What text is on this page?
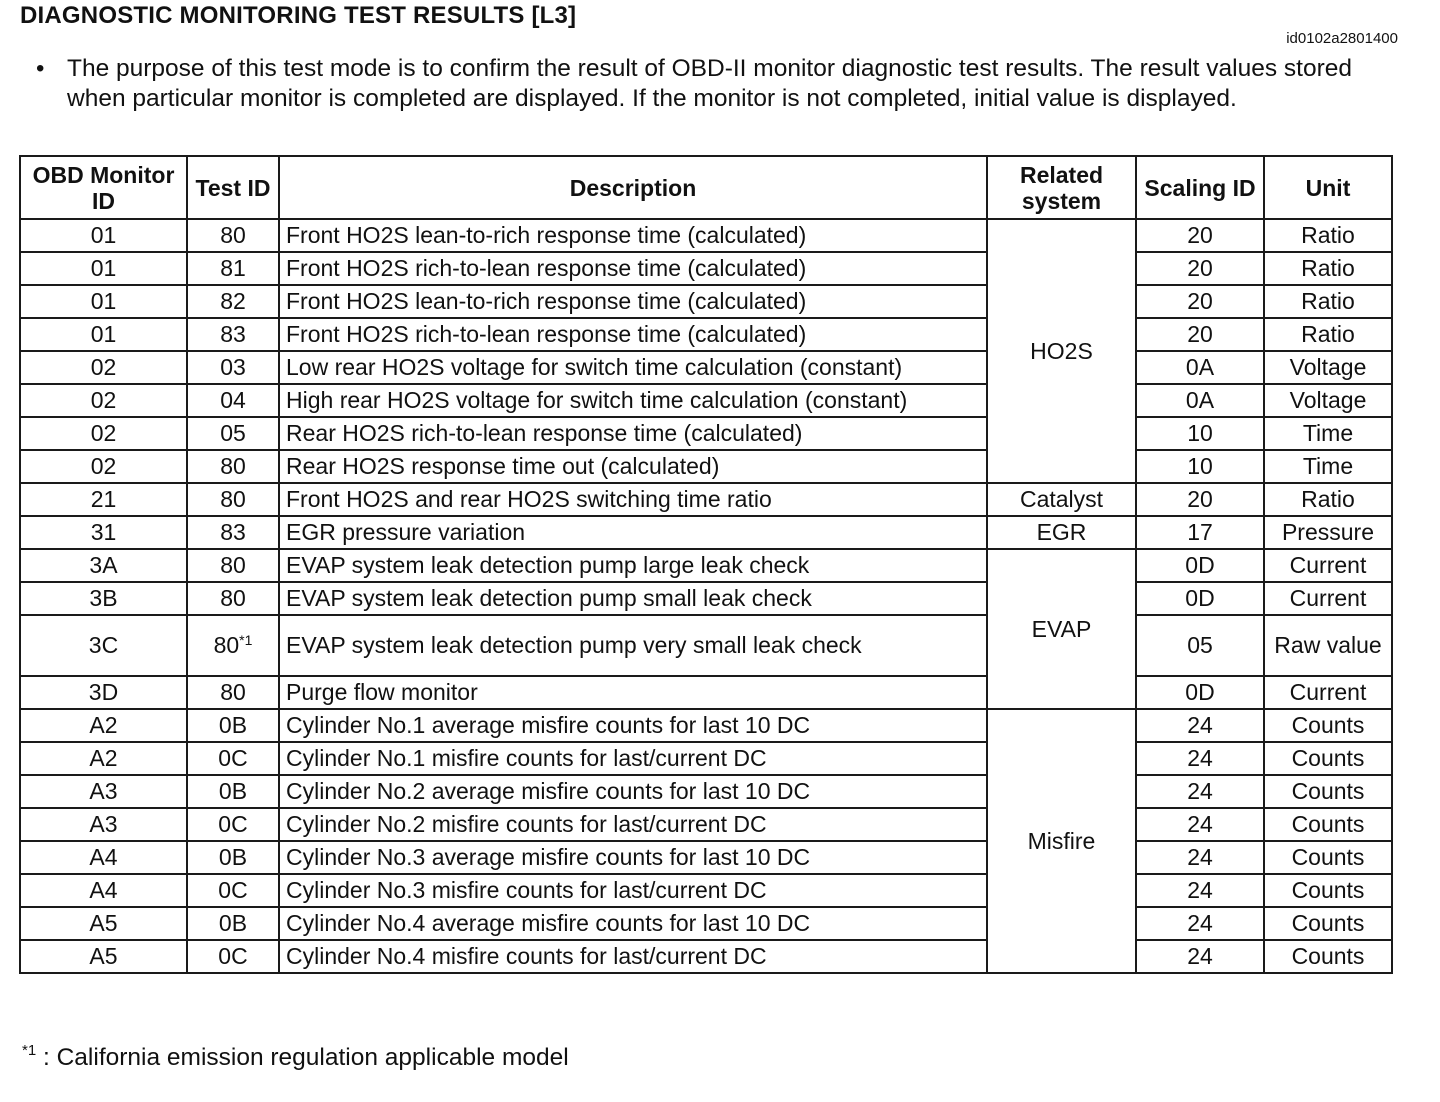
DIAGNOSTIC MONITORING TEST RESULTS [L3]
id0102a2801400
• The purpose of this test mode is to confirm the result of OBD-II monitor diagnostic test results. The result values stored when particular monitor is completed are displayed. If the monitor is not completed, initial value is displayed.
OBD Monitor ID	Test ID	Description	Related system	Scaling ID	Unit
01	80	Front HO2S lean-to-rich response time (calculated)	HO2S	20	Ratio
01	81	Front HO2S rich-to-lean response time (calculated)		20	Ratio
01	82	Front HO2S lean-to-rich response time (calculated)		20	Ratio
01	83	Front HO2S rich-to-lean response time (calculated)		20	Ratio
02	03	Low rear HO2S voltage for switch time calculation (constant)		0A	Voltage
02	04	High rear HO2S voltage for switch time calculation (constant)		0A	Voltage
02	05	Rear HO2S rich-to-lean response time (calculated)		10	Time
02	80	Rear HO2S response time out (calculated)		10	Time
21	80	Front HO2S and rear HO2S switching time ratio	Catalyst	20	Ratio
31	83	EGR pressure variation	EGR	17	Pressure
3A	80	EVAP system leak detection pump large leak check	EVAP	0D	Current
3B	80	EVAP system leak detection pump small leak check		0D	Current
3C	80$^{*1}$	EVAP system leak detection pump very small leak check		05	Raw value
3D	80	Purge flow monitor		0D	Current
A2	0B	Cylinder No.1 average misfire counts for last 10 DC	Misfire	24	Counts
A2	0C	Cylinder No.1 misfire counts for last/current DC		24	Counts
A3	0B	Cylinder No.2 average misfire counts for last 10 DC		24	Counts
A3	0C	Cylinder No.2 misfire counts for last/current DC		24	Counts
A4	0B	Cylinder No.3 average misfire counts for last 10 DC		24	Counts
A4	0C	Cylinder No.3 misfire counts for last/current DC		24	Counts
A5	0B	Cylinder No.4 average misfire counts for last 10 DC		24	Counts
A5	0C	Cylinder No.4 misfire counts for last/current DC		24	Counts
$^{*1}$ : California emission regulation applicable model
